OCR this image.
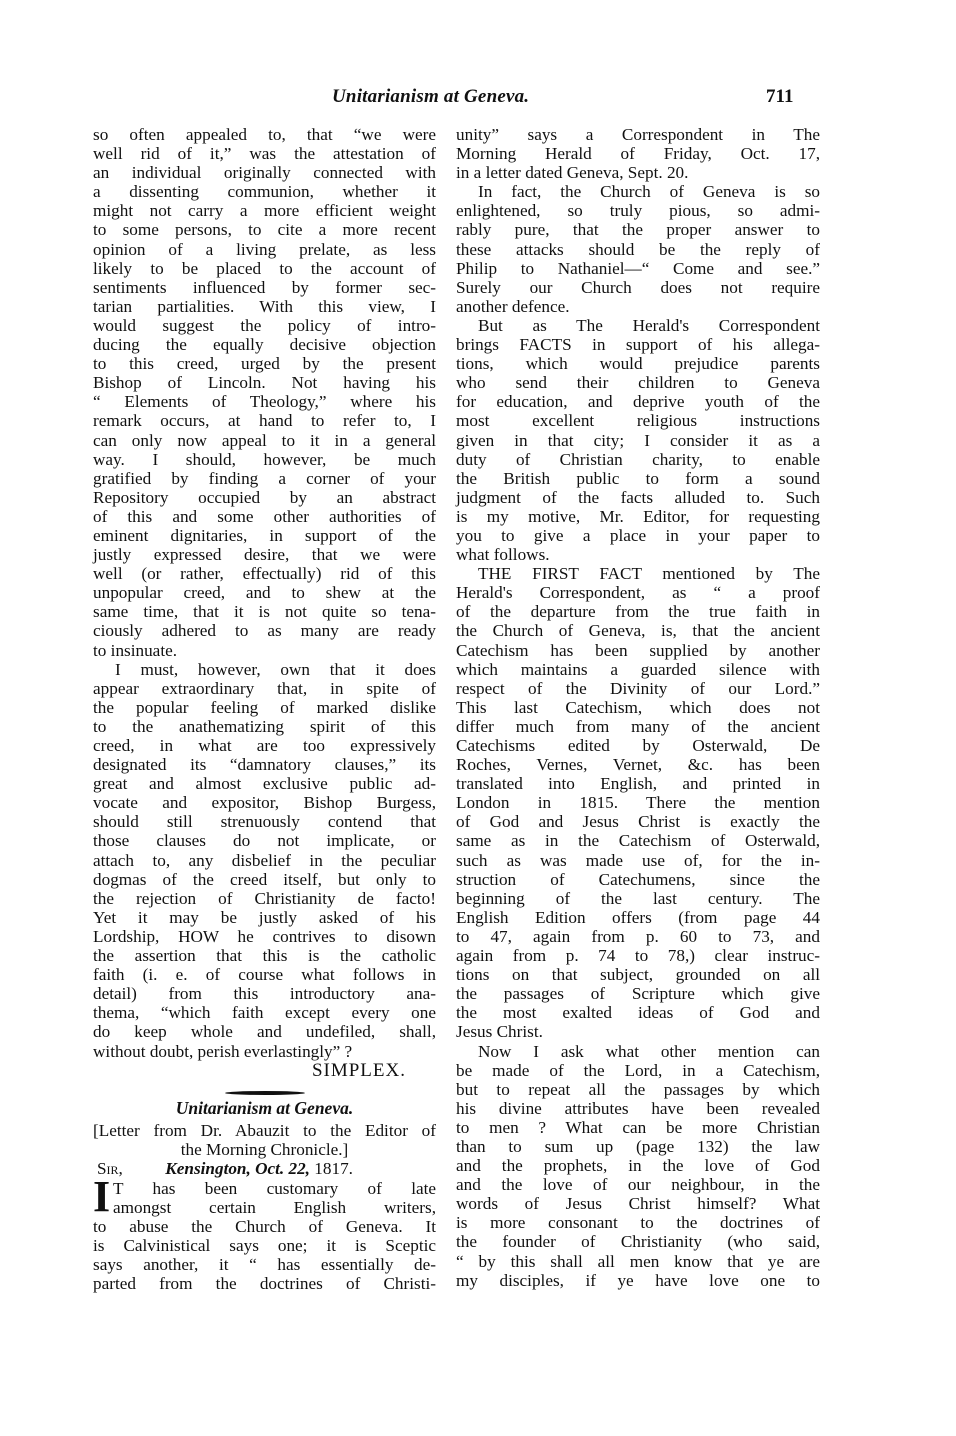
Unitarianism at Geneva.	711
so often appealed to, that “we were
well rid of it,” was the attestation of
an individual originally connected with
a dissenting communion, whether it
might not carry a more efficient weight
to some persons, to cite a more recent
opinion of a living prelate, as less
likely to be placed to the account of
sentiments influenced by former sec-
tarian partialities. With this view, I
would suggest the policy of intro-
ducing the equally decisive objection
to this creed, urged by the present
Bishop of Lincoln. Not having his
“ Elements of Theology,” where his
remark occurs, at hand to refer to, I
can only now appeal to it in a general
way. I should, however, be much
gratified by finding a corner of your
Repository occupied by an abstract
of this and some other authorities of
eminent dignitaries, in support of the
justly expressed desire, that we were
well (or rather, effectually) rid of this
unpopular creed, and to shew at the
same time, that it is not quite so tena-
ciously adhered to as many are ready
to insinuate.
I must, however, own that it does
appear extraordinary that, in spite of
the popular feeling of marked dislike
to the anathematizing spirit of this
creed, in what are too expressively
designated its “damnatory clauses,” its
great and almost exclusive public ad-
vocate and expositor, Bishop Burgess,
should still strenuously contend that
those clauses do not implicate, or
attach to, any disbelief in the peculiar
dogmas of the creed itself, but only to
the rejection of Christianity de facto!
Yet it may be justly asked of his
Lordship, HOW he contrives to disown
the assertion that this is the catholic
faith (i. e. of course what follows in
detail) from this introductory ana-
thema, “which faith except every one
do keep whole and undefiled, shall,
without doubt, perish everlastingly” ?
SIMPLEX.
Unitarianism at Geneva.
[Letter from Dr. Abauzit to the Editor of
the Morning Chronicle.]
Sir, Kensington, Oct. 22, 1817.
I T has been customary of late
amongst certain English writers,
to abuse the Church of Geneva. It
is Calvinistical says one; it is Sceptic
says another, it “ has essentially de-
parted from the doctrines of Christi-
unity” says a Correspondent in The
Morning Herald of Friday, Oct. 17,
in a letter dated Geneva, Sept. 20.
In fact, the Church of Geneva is so
enlightened, so truly pious, so admi-
rably pure, that the proper answer to
these attacks should be the reply of
Philip to Nathaniel—“ Come and see.”
Surely our Church does not require
another defence.
But as The Herald's Correspondent
brings FACTS in support of his allega-
tions, which would prejudice parents
who send their children to Geneva
for education, and deprive youth of the
most excellent religious instructions
given in that city; I consider it as a
duty of Christian charity, to enable
the British public to form a sound
judgment of the facts alluded to. Such
is my motive, Mr. Editor, for requesting
you to give a place in your paper to
what follows.
THE FIRST FACT mentioned by The
Herald's Correspondent, as “ a proof
of the departure from the true faith in
the Church of Geneva, is, that the ancient
Catechism has been supplied by another
which maintains a guarded silence with
respect of the Divinity of our Lord.”
This last Catechism, which does not
differ much from many of the ancient
Catechisms edited by Osterwald, De
Roches, Vernes, Vernet, &c. has been
translated into English, and printed in
London in 1815. There the mention
of God and Jesus Christ is exactly the
same as in the Catechism of Osterwald,
such as was made use of, for the in-
struction of Catechumens, since the
beginning of the last century. The
English Edition offers (from page 44
to 47, again from p. 60 to 73, and
again from p. 74 to 78,) clear instruc-
tions on that subject, grounded on all
the passages of Scripture which give
the most exalted ideas of God and
Jesus Christ.
Now I ask what other mention can
be made of the Lord, in a Catechism,
but to repeat all the passages by which
his divine attributes have been revealed
to men ? What can be more Christian
than to sum up (page 132) the law
and the prophets, in the love of God
and the love of our neighbour, in the
words of Jesus Christ himself? What
is more consonant to the doctrines of
the founder of Christianity (who said,
“ by this shall all men know that ye are
my disciples, if ye have love one to
